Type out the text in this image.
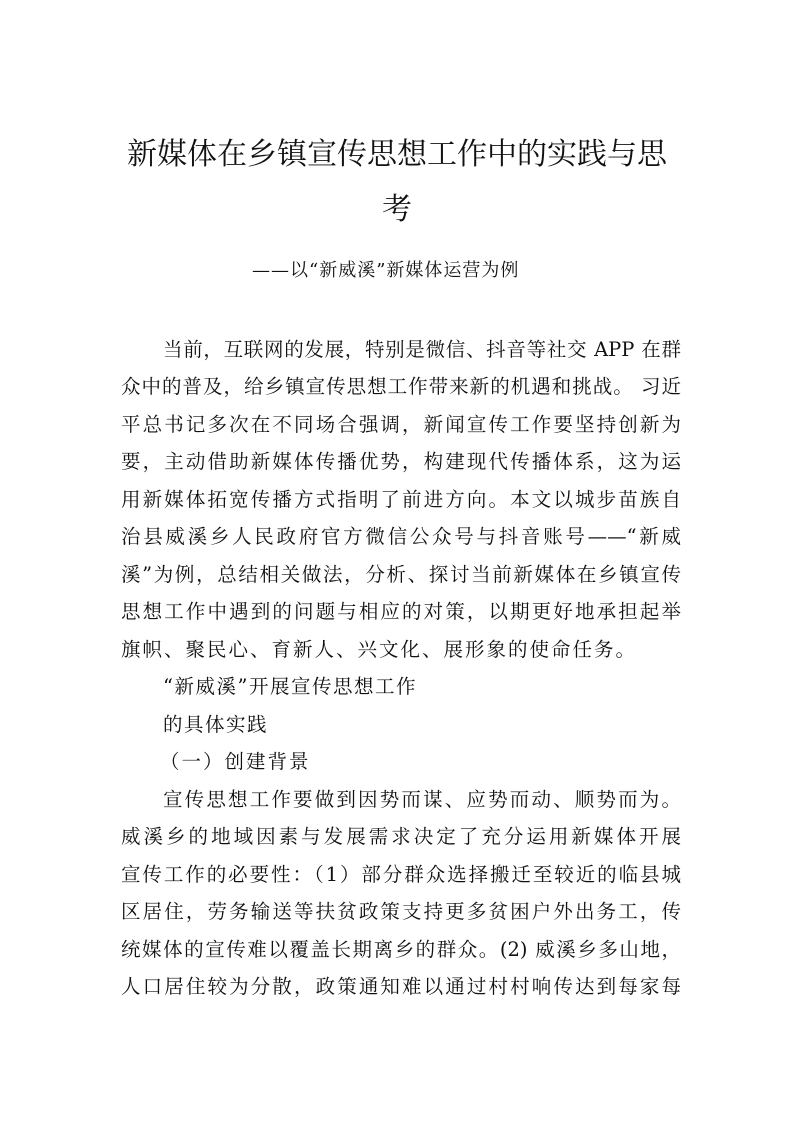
新媒体在乡镇宣传思想工作中的实践与思
考
——以“新威溪”新媒体运营为例
当前，互联网的发展，特别是微信、抖音等社交 APP 在群
众中的普及，给乡镇宣传思想工作带来新的机遇和挑战。 习近
平总书记多次在不同场合强调，新闻宣传工作要坚持创新为
要，主动借助新媒体传播优势，构建现代传播体系，这为运
用新媒体拓宽传播方式指明了前进方向。本文以城步苗族自
治县威溪乡人民政府官方微信公众号与抖音账号——“新威
溪”为例，总结相关做法，分析、探讨当前新媒体在乡镇宣传
思想工作中遇到的问题与相应的对策，以期更好地承担起举
旗帜、聚民心、育新人、兴文化、展形象的使命任务。
“新威溪”开展宣传思想工作
的具体实践
（一）创建背景
宣传思想工作要做到因势而谋、应势而动、顺势而为。
威溪乡的地域因素与发展需求决定了充分运用新媒体开展
宣传工作的必要性：（1）部分群众选择搬迁至较近的临县城
区居住，劳务输送等扶贫政策支持更多贫困户外出务工，传
统媒体的宣传难以覆盖长期离乡的群众。(2) 威溪乡多山地，
人口居住较为分散，政策通知难以通过村村响传达到每家每
